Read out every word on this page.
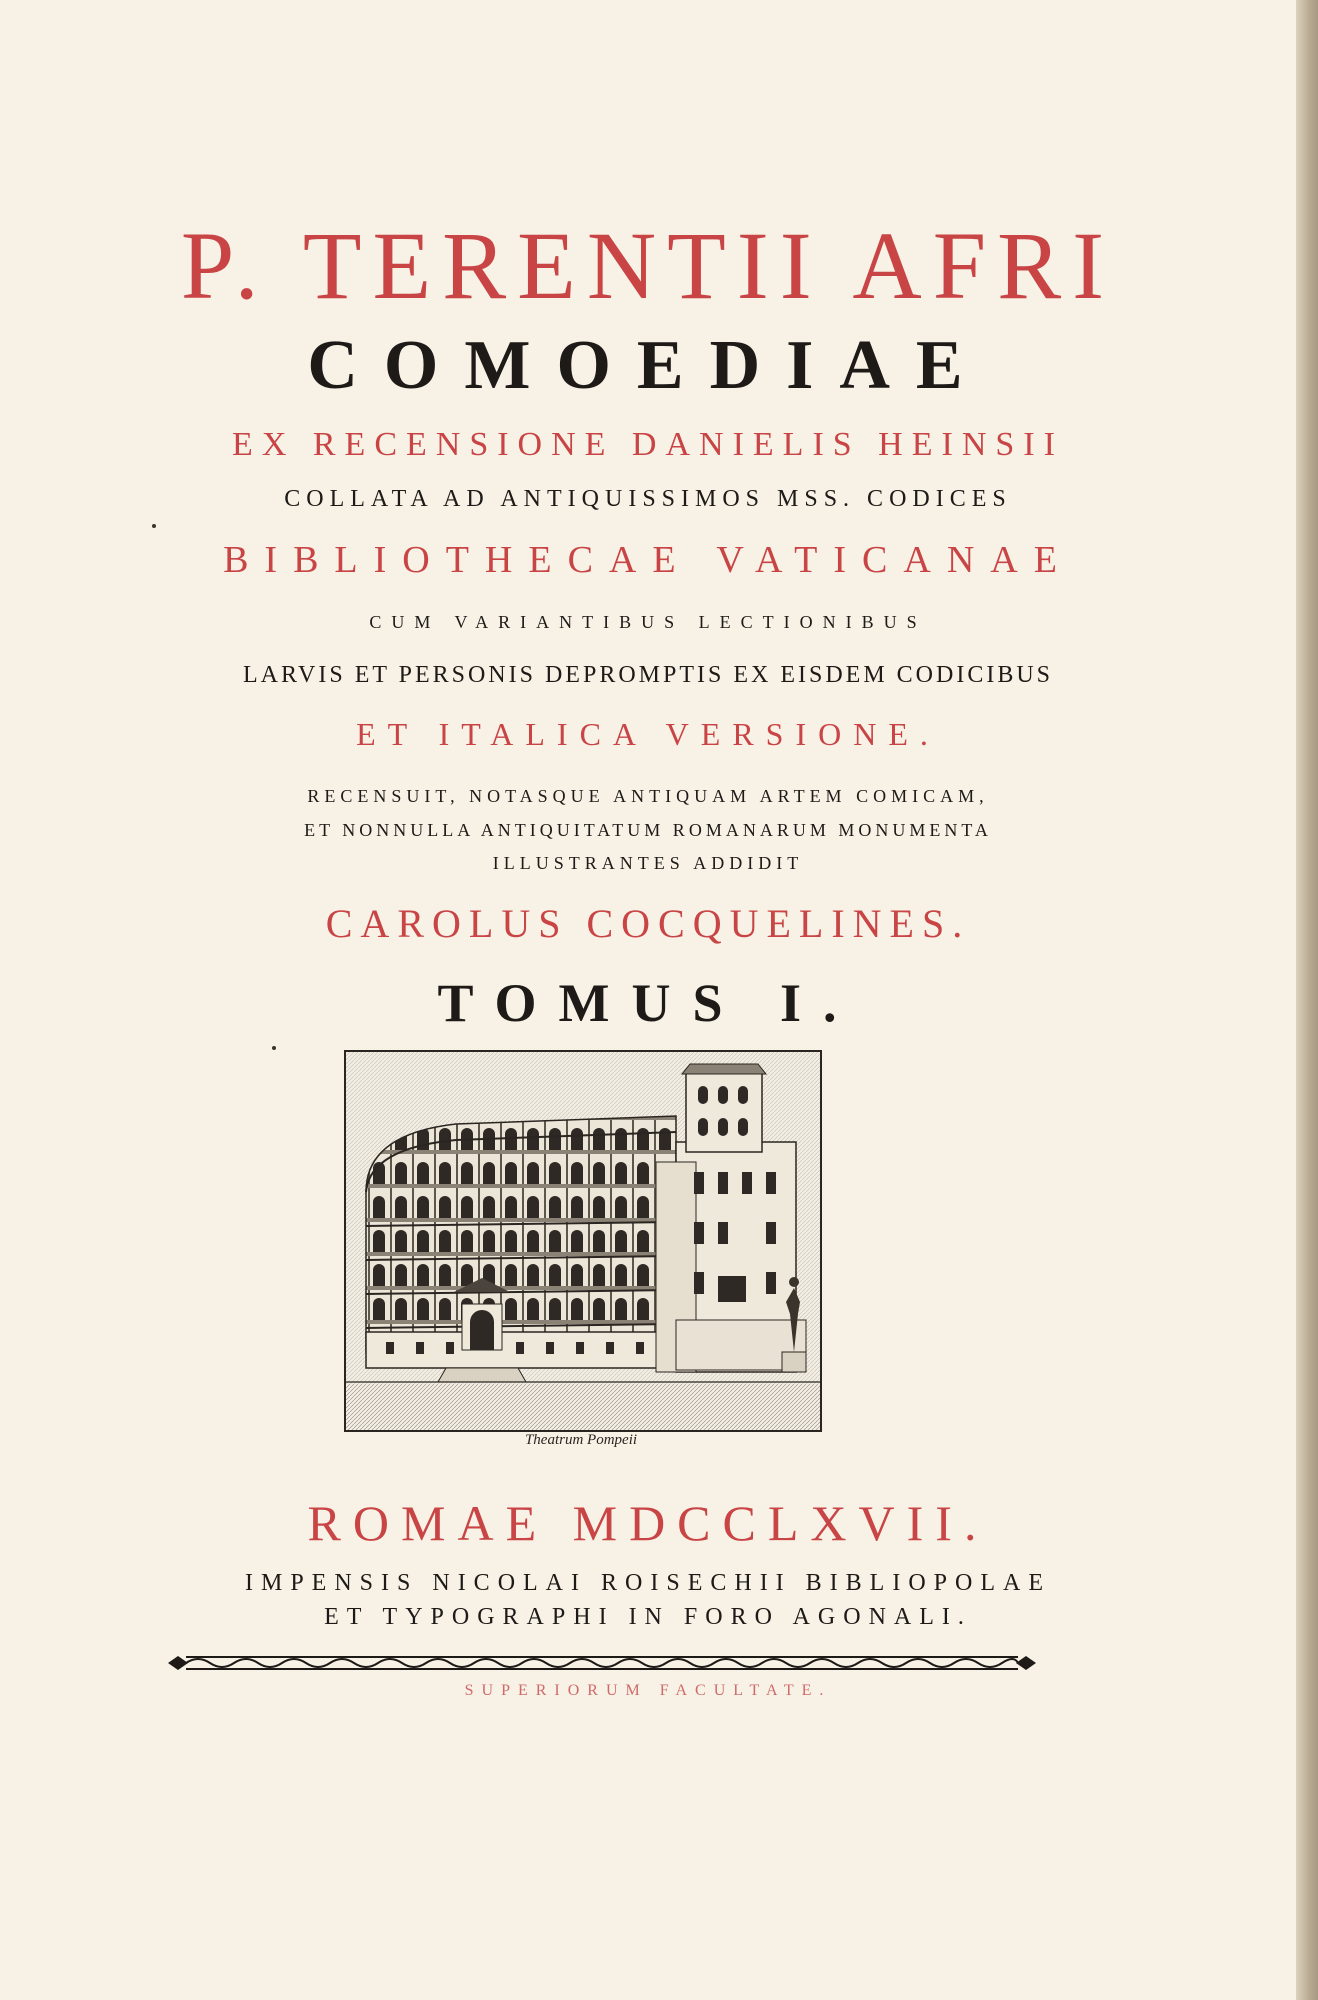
P. TERENTII AFRI
COMOEDIAE
EX RECENSIONE DANIELIS HEINSII
COLLATA AD ANTIQUISSIMOS MSS. CODICES
BIBLIOTHECAE VATICANAE
CUM VARIANTIBUS LECTIONIBUS
LARVIS ET PERSONIS DEPROMPTIS EX EISDEM CODICIBUS
ET ITALICA VERSIONE.
RECENSUIT, NOTASQUE ANTIQUAM ARTEM COMICAM,
ET NONNULLA ANTIQUITATUM ROMANARUM MONUMENTA
ILLUSTRANTES ADDIDIT
CAROLUS COCQUELINES.
TOMUS I.
Theatrum Pompeii
ROMAE MDCCLXVII.
IMPENSIS NICOLAI ROISECHII BIBLIOPOLAE
ET TYPOGRAPHI IN FORO AGONALI.
SUPERIORUM FACULTATE.
